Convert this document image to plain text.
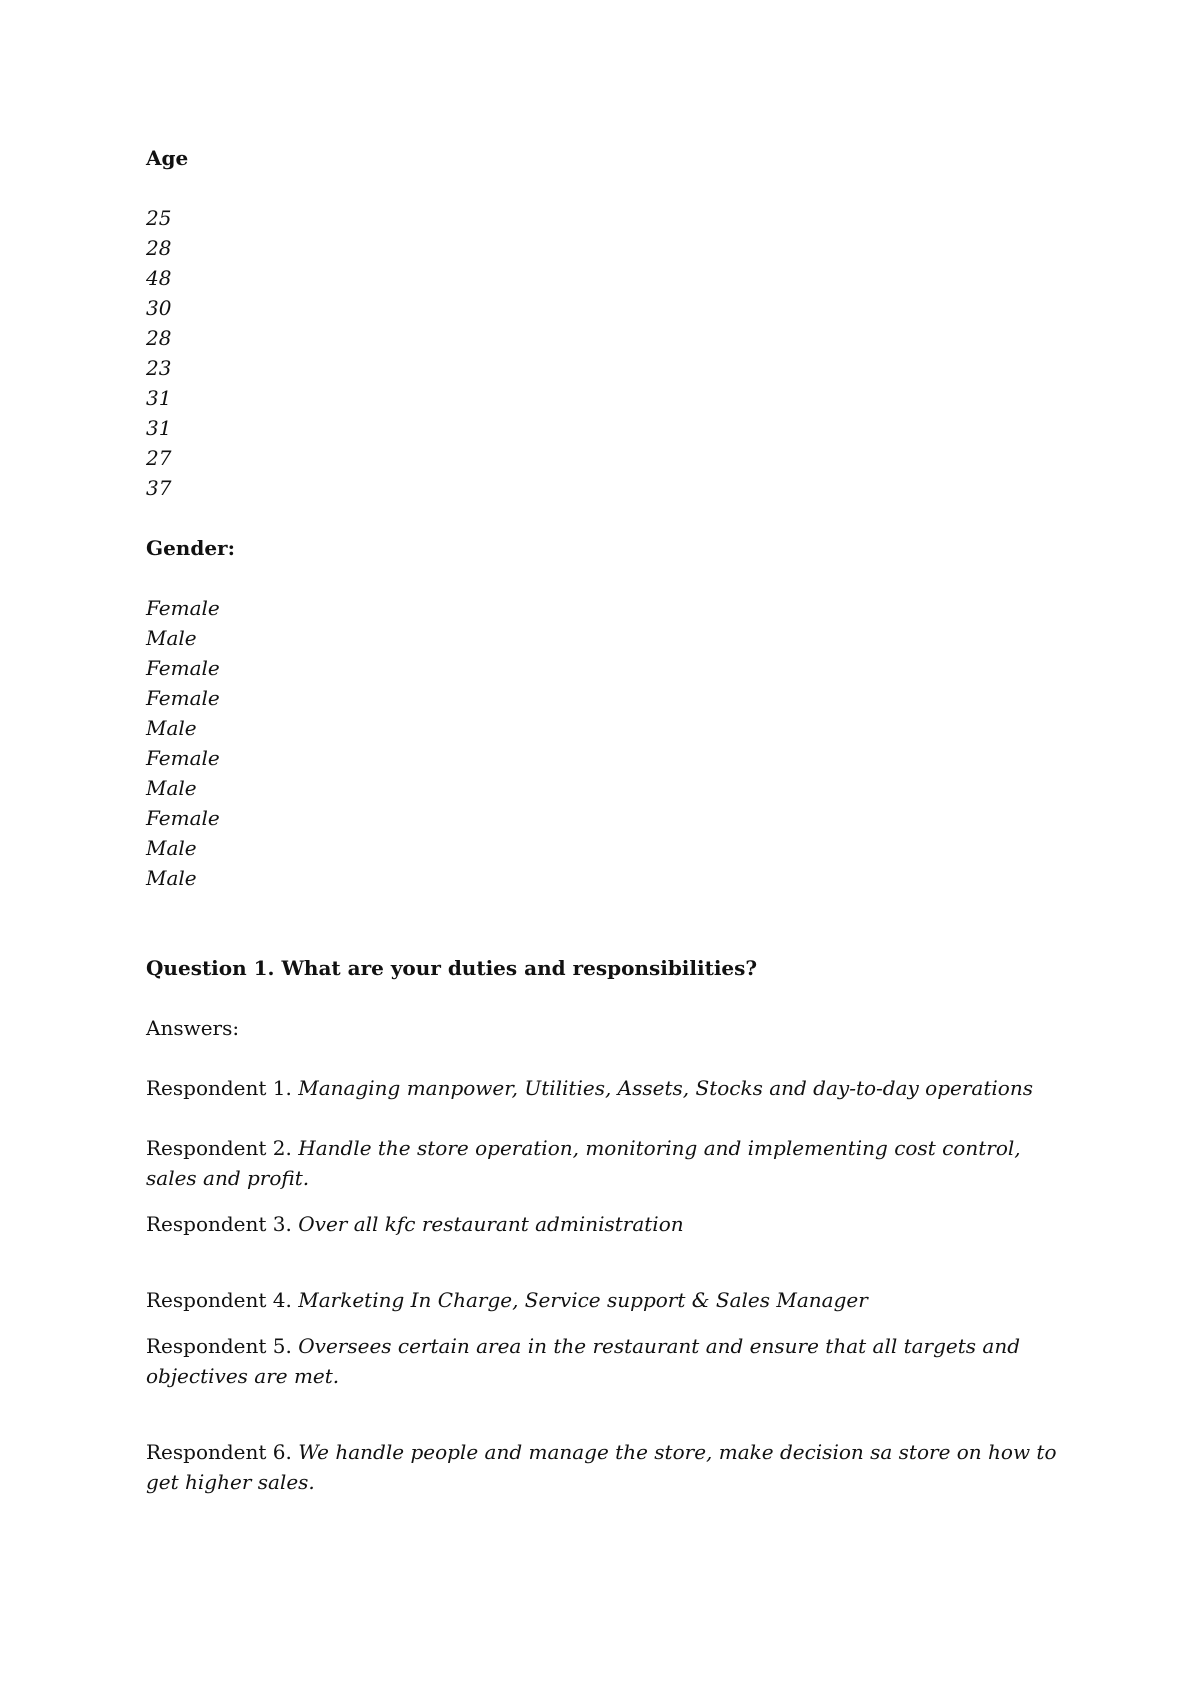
Age

25
28
48
30
28
23
31
31
27
37

Gender:

Female
Male
Female
Female
Male
Female
Male
Female
Male
Male

Question 1. What are your duties and responsibilities?

Answers:

Respondent 1. Managing manpower, Utilities, Assets, Stocks and day-to-day operations

Respondent 2. Handle the store operation, monitoring and implementing cost control, sales and profit.

Respondent 3. Over all kfc restaurant administration

Respondent 4. Marketing In Charge, Service support & Sales Manager

Respondent 5. Oversees certain area in the restaurant and ensure that all targets and objectives are met.

Respondent 6. We handle people and manage the store, make decision sa store on how to get higher sales.
